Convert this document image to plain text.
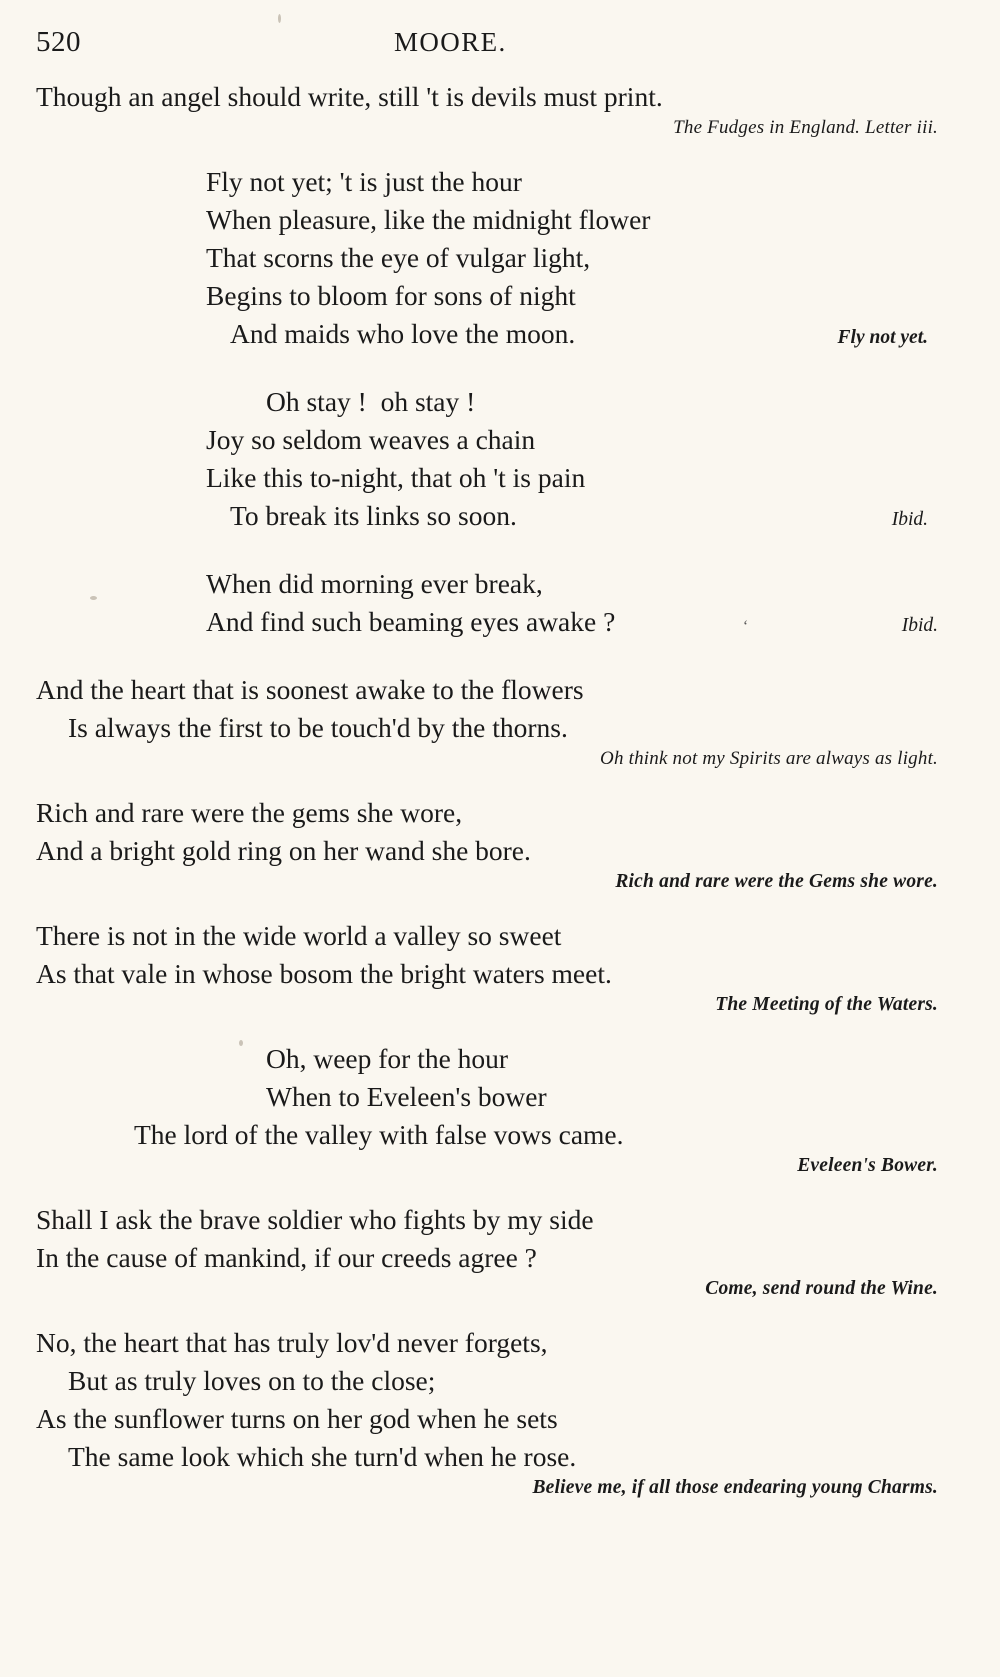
520	MOORE.
Though an angel should write, still 't is devils must print.
The Fudges in England. Letter iii.
Fly not yet; 't is just the hour
When pleasure, like the midnight flower
That scorns the eye of vulgar light,
Begins to bloom for sons of night
And maids who love the moon.	Fly not yet.
Oh stay !  oh stay !
Joy so seldom weaves a chain
Like this to-night, that oh 't is pain
To break its links so soon.	Ibid.
When did morning ever break,
And find such beaming eyes awake ?	‘	Ibid.
And the heart that is soonest awake to the flowers
Is always the first to be touch'd by the thorns.
Oh think not my Spirits are always as light.
Rich and rare were the gems she wore,
And a bright gold ring on her wand she bore.
Rich and rare were the Gems she wore.
There is not in the wide world a valley so sweet
As that vale in whose bosom the bright waters meet.
The Meeting of the Waters.
Oh, weep for the hour
When to Eveleen's bower
The lord of the valley with false vows came.
Eveleen's Bower.
Shall I ask the brave soldier who fights by my side
In the cause of mankind, if our creeds agree ?
Come, send round the Wine.
No, the heart that has truly lov'd never forgets,
But as truly loves on to the close;
As the sunflower turns on her god when he sets
The same look which she turn'd when he rose.
Believe me, if all those endearing young Charms.
